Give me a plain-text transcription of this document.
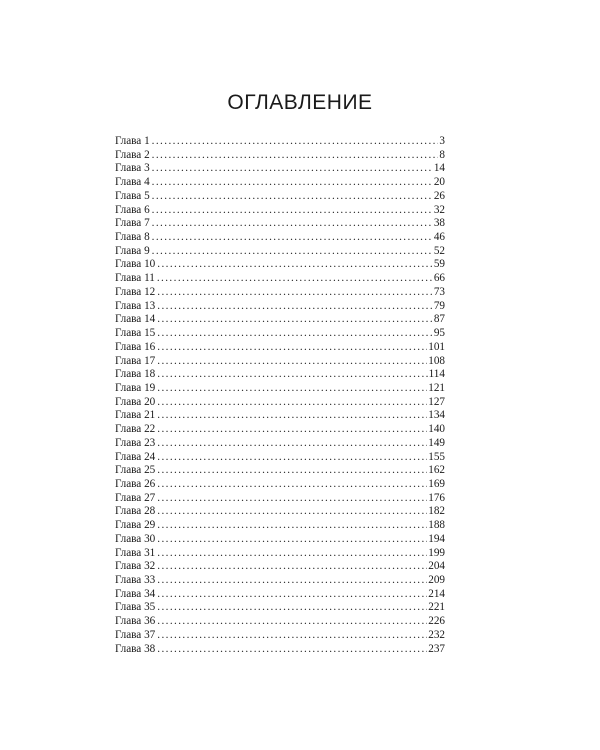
ОГЛАВЛЕНИЕ
Глава 1 . . .	3
Глава 2 . . .	8
Глава 3 . . .	14
Глава 4 . . .	20
Глава 5 . . .	26
Глава 6 . . .	32
Глава 7 . . .	38
Глава 8 . . .	46
Глава 9 . . .	52
Глава 10 . . .	59
Глава 11 . . .	66
Глава 12 . . .	73
Глава 13 . . .	79
Глава 14 . . .	87
Глава 15 . . .	95
Глава 16 . . .	101
Глава 17 . . .	108
Глава 18 . . .	114
Глава 19 . . .	121
Глава 20 . . .	127
Глава 21 . . .	134
Глава 22 . . .	140
Глава 23 . . .	149
Глава 24 . . .	155
Глава 25 . . .	162
Глава 26 . . .	169
Глава 27 . . .	176
Глава 28 . . .	182
Глава 29 . . .	188
Глава 30 . . .	194
Глава 31 . . .	199
Глава 32 . . .	204
Глава 33 . . .	209
Глава 34 . . .	214
Глава 35 . . .	221
Глава 36 . . .	226
Глава 37 . . .	232
Глава 38 . . .	237
